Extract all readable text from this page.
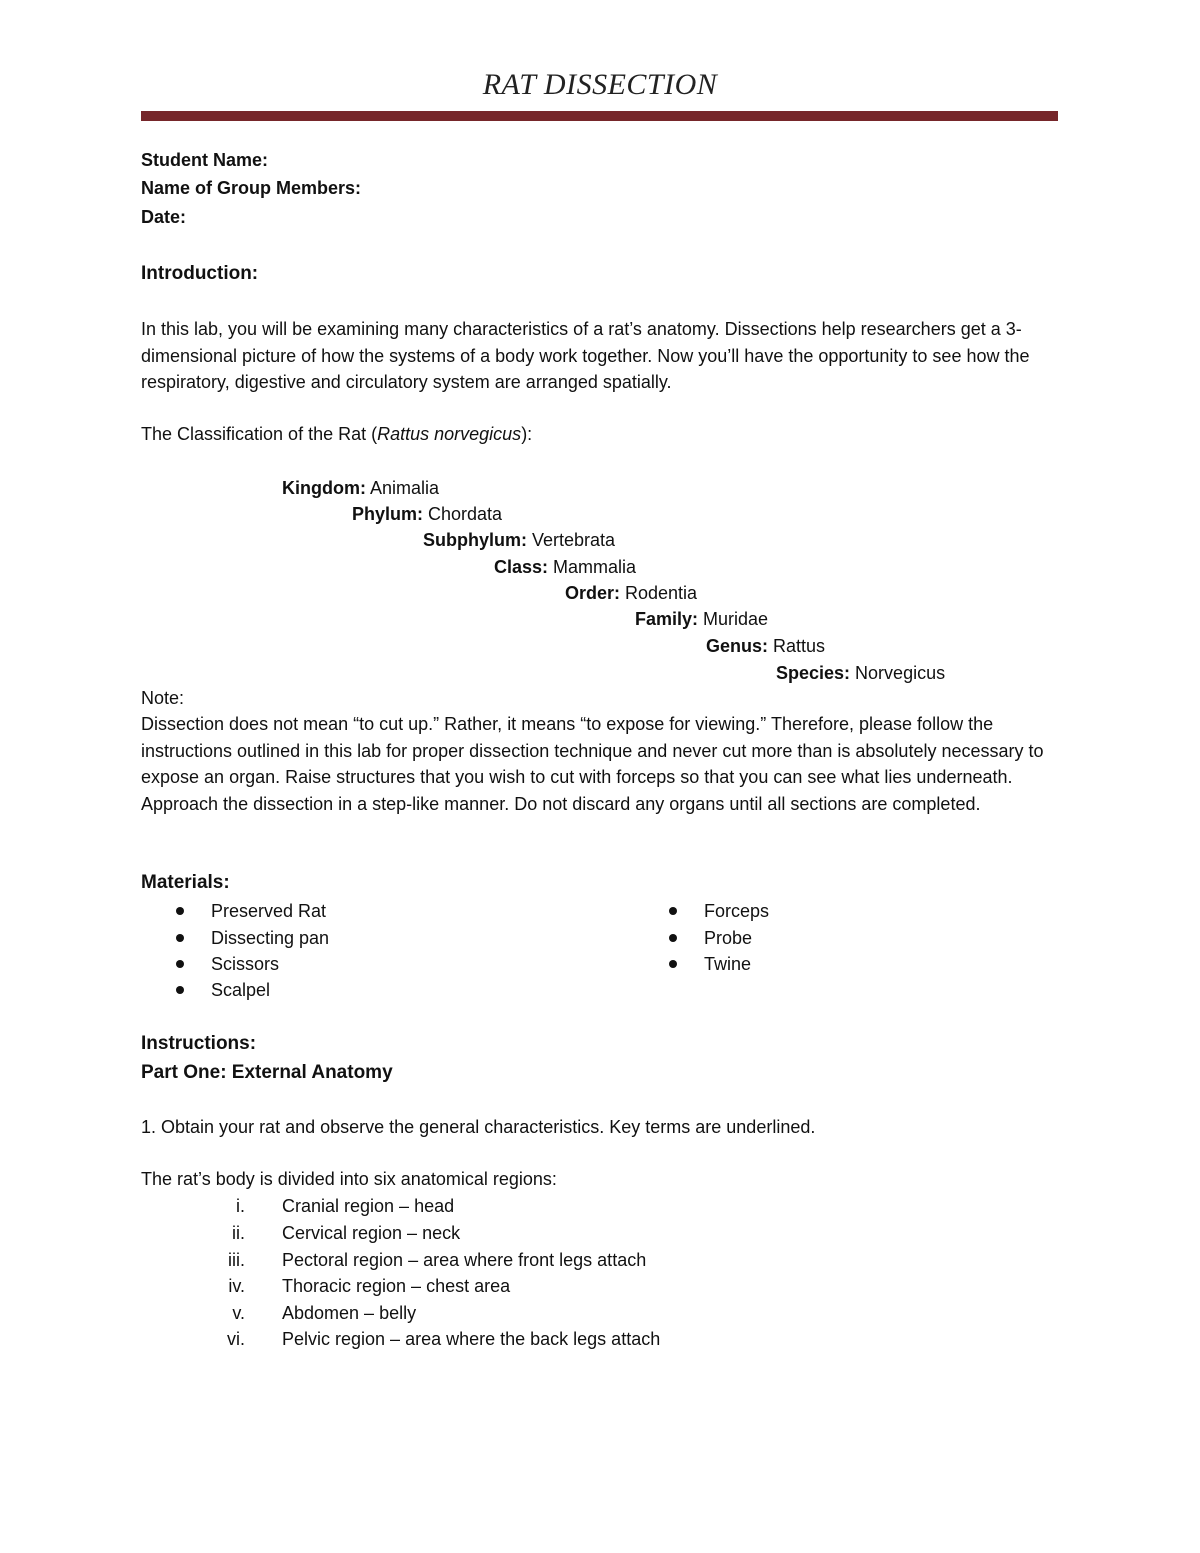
RAT DISSECTION
Student Name:
Name of Group Members:
Date:
Introduction:
In this lab, you will be examining many characteristics of a rat’s anatomy. Dissections help researchers get a 3-dimensional picture of how the systems of a body work together. Now you’ll have the opportunity to see how the respiratory, digestive and circulatory system are arranged spatially.
The Classification of the Rat (Rattus norvegicus):
Kingdom: Animalia
Phylum: Chordata
Subphylum: Vertebrata
Class: Mammalia
Order: Rodentia
Family: Muridae
Genus: Rattus
Species: Norvegicus
Note:
Dissection does not mean “to cut up.” Rather, it means “to expose for viewing.” Therefore, please follow the instructions outlined in this lab for proper dissection technique and never cut more than is absolutely necessary to expose an organ. Raise structures that you wish to cut with forceps so that you can see what lies underneath. Approach the dissection in a step-like manner. Do not discard any organs until all sections are completed.
Materials:
Preserved Rat
Dissecting pan
Scissors
Scalpel
Forceps
Probe
Twine
Instructions:
Part One: External Anatomy
1. Obtain your rat and observe the general characteristics. Key terms are underlined.
The rat’s body is divided into six anatomical regions:
i. Cranial region – head
ii. Cervical region – neck
iii. Pectoral region – area where front legs attach
iv. Thoracic region – chest area
v. Abdomen – belly
vi. Pelvic region – area where the back legs attach
